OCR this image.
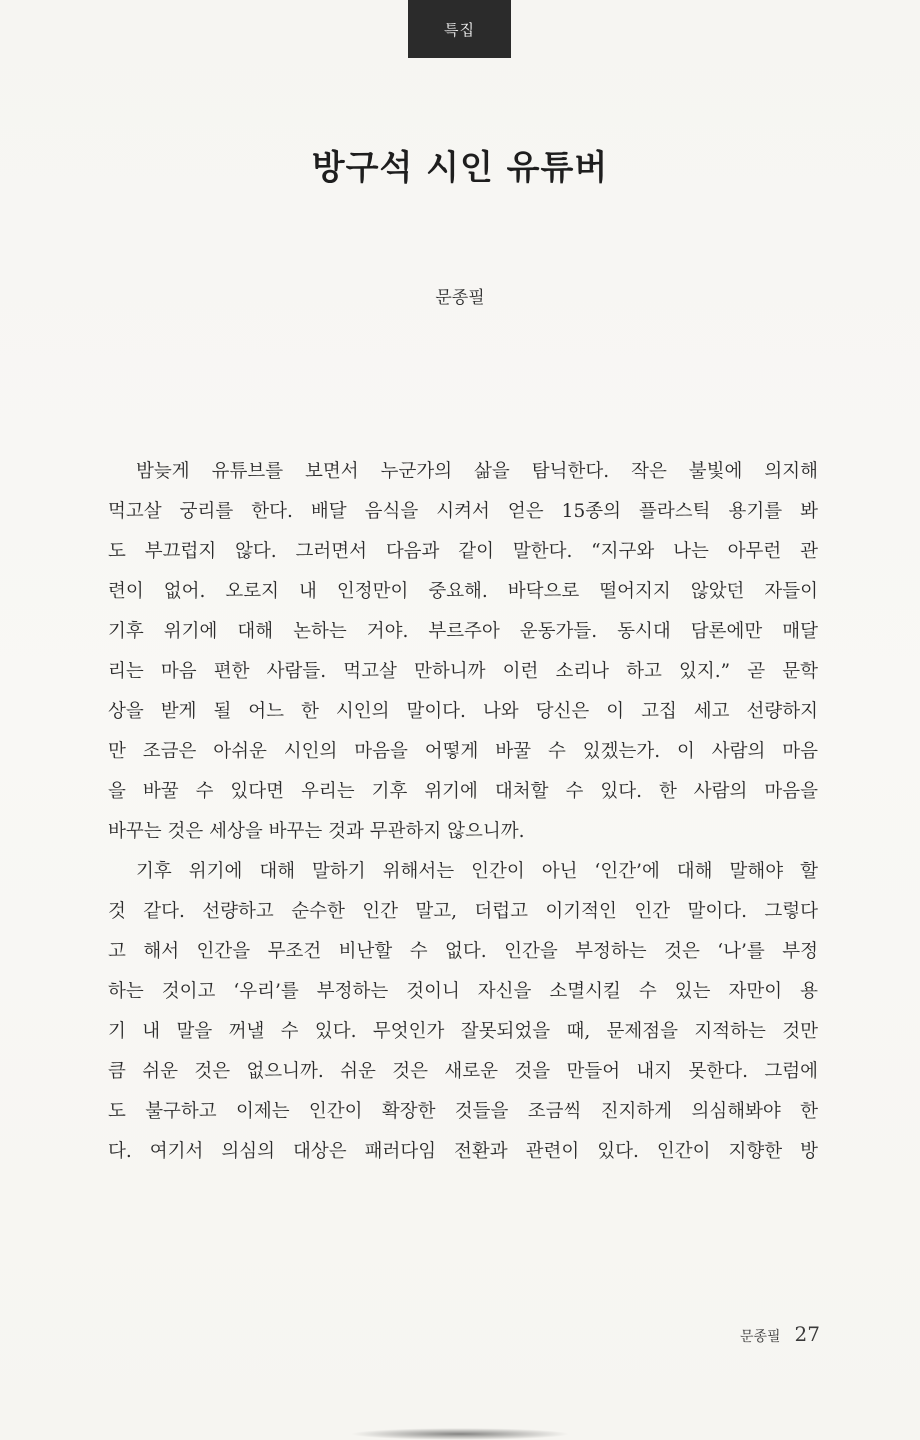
특집
방구석 시인 유튜버
문종필
밤늦게 유튜브를 보면서 누군가의 삶을 탐닉한다. 작은 불빛에 의지해
먹고살 궁리를 한다. 배달 음식을 시켜서 얻은 15종의 플라스틱 용기를 봐
도 부끄럽지 않다. 그러면서 다음과 같이 말한다. “지구와 나는 아무런 관
련이 없어. 오로지 내 인정만이 중요해. 바닥으로 떨어지지 않았던 자들이
기후 위기에 대해 논하는 거야. 부르주아 운동가들. 동시대 담론에만 매달
리는 마음 편한 사람들. 먹고살 만하니까 이런 소리나 하고 있지.” 곧 문학
상을 받게 될 어느 한 시인의 말이다. 나와 당신은 이 고집 세고 선량하지
만 조금은 아쉬운 시인의 마음을 어떻게 바꿀 수 있겠는가. 이 사람의 마음
을 바꿀 수 있다면 우리는 기후 위기에 대처할 수 있다. 한 사람의 마음을
바꾸는 것은 세상을 바꾸는 것과 무관하지 않으니까.
기후 위기에 대해 말하기 위해서는 인간이 아닌 ‘인간’에 대해 말해야 할
것 같다. 선량하고 순수한 인간 말고, 더럽고 이기적인 인간 말이다. 그렇다
고 해서 인간을 무조건 비난할 수 없다. 인간을 부정하는 것은 ‘나’를 부정
하는 것이고 ‘우리’를 부정하는 것이니 자신을 소멸시킬 수 있는 자만이 용
기 내 말을 꺼낼 수 있다. 무엇인가 잘못되었을 때, 문제점을 지적하는 것만
큼 쉬운 것은 없으니까. 쉬운 것은 새로운 것을 만들어 내지 못한다. 그럼에
도 불구하고 이제는 인간이 확장한 것들을 조금씩 진지하게 의심해봐야 한
다. 여기서 의심의 대상은 패러다임 전환과 관련이 있다. 인간이 지향한 방
문종필 27
